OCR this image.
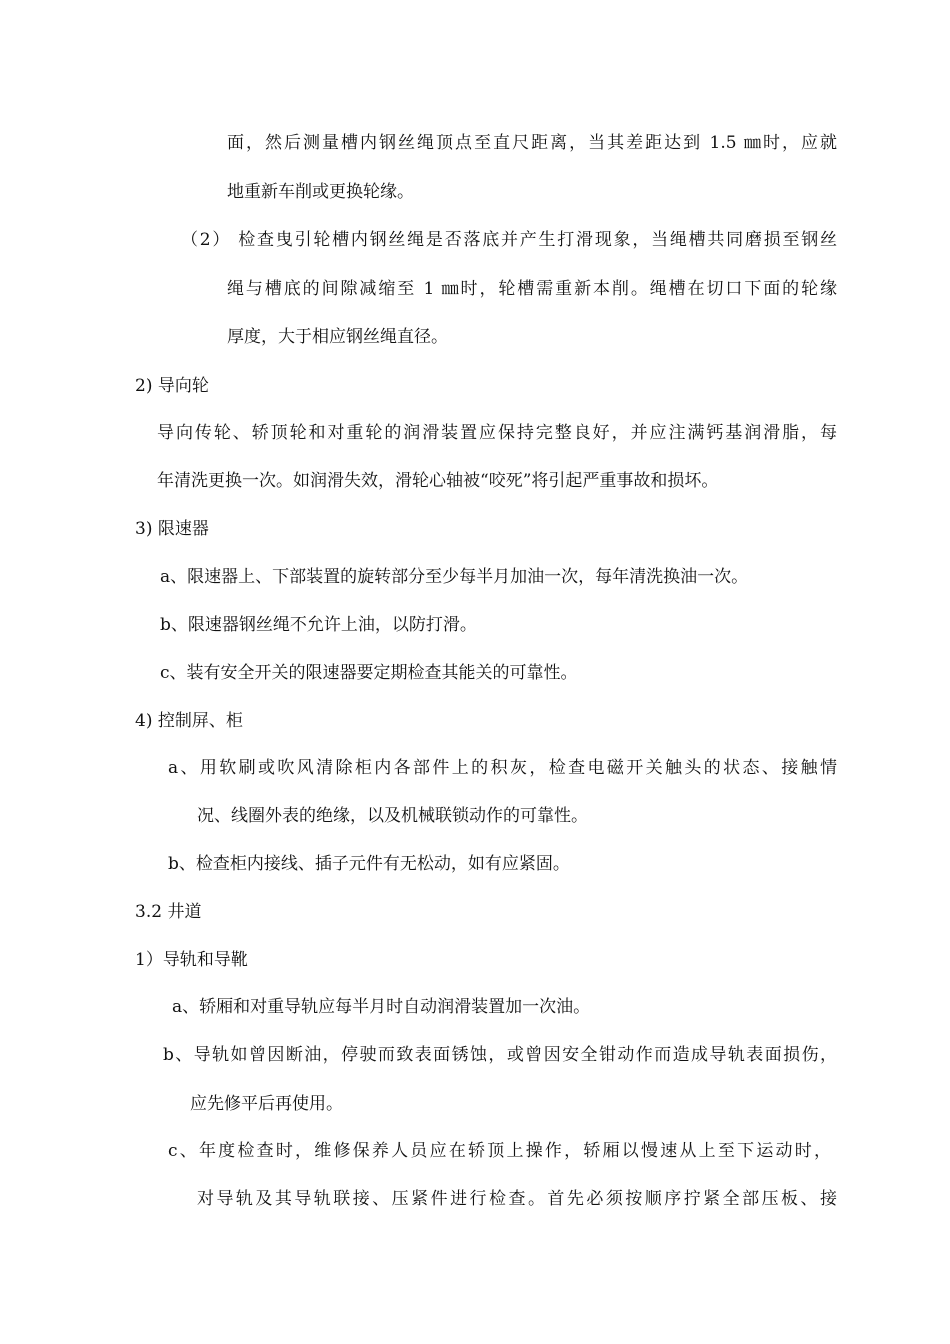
面，然后测量槽内钢丝绳顶点至直尺距离，当其差距达到 1.5 ㎜时，应就
地重新车削或更换轮缘。
（2） 检查曳引轮槽内钢丝绳是否落底并产生打滑现象，当绳槽共同磨损至钢丝
绳与槽底的间隙减缩至 1 ㎜时，轮槽需重新本削。绳槽在切口下面的轮缘
厚度，大于相应钢丝绳直径。
2) 导向轮
导向传轮、轿顶轮和对重轮的润滑装置应保持完整良好，并应注满钙基润滑脂，每
年清洗更换一次。如润滑失效，滑轮心轴被“咬死”将引起严重事故和损坏。
3) 限速器
a、限速器上、下部装置的旋转部分至少每半月加油一次，每年清洗换油一次。
b、限速器钢丝绳不允许上油，以防打滑。
c、装有安全开关的限速器要定期检查其能关的可靠性。
4) 控制屏、柜
a、用软刷或吹风清除柜内各部件上的积灰，检查电磁开关触头的状态、接触情
况、线圈外表的绝缘，以及机械联锁动作的可靠性。
b、检查柜内接线、插子元件有无松动，如有应紧固。
3.2 井道
1）导轨和导靴
a、轿厢和对重导轨应每半月时自动润滑装置加一次油。
b、导轨如曾因断油，停驶而致表面锈蚀，或曾因安全钳动作而造成导轨表面损伤，
应先修平后再使用。
c、年度检查时，维修保养人员应在轿顶上操作，轿厢以慢速从上至下运动时，
对导轨及其导轨联接、压紧件进行检查。首先必须按顺序拧紧全部压板、接
